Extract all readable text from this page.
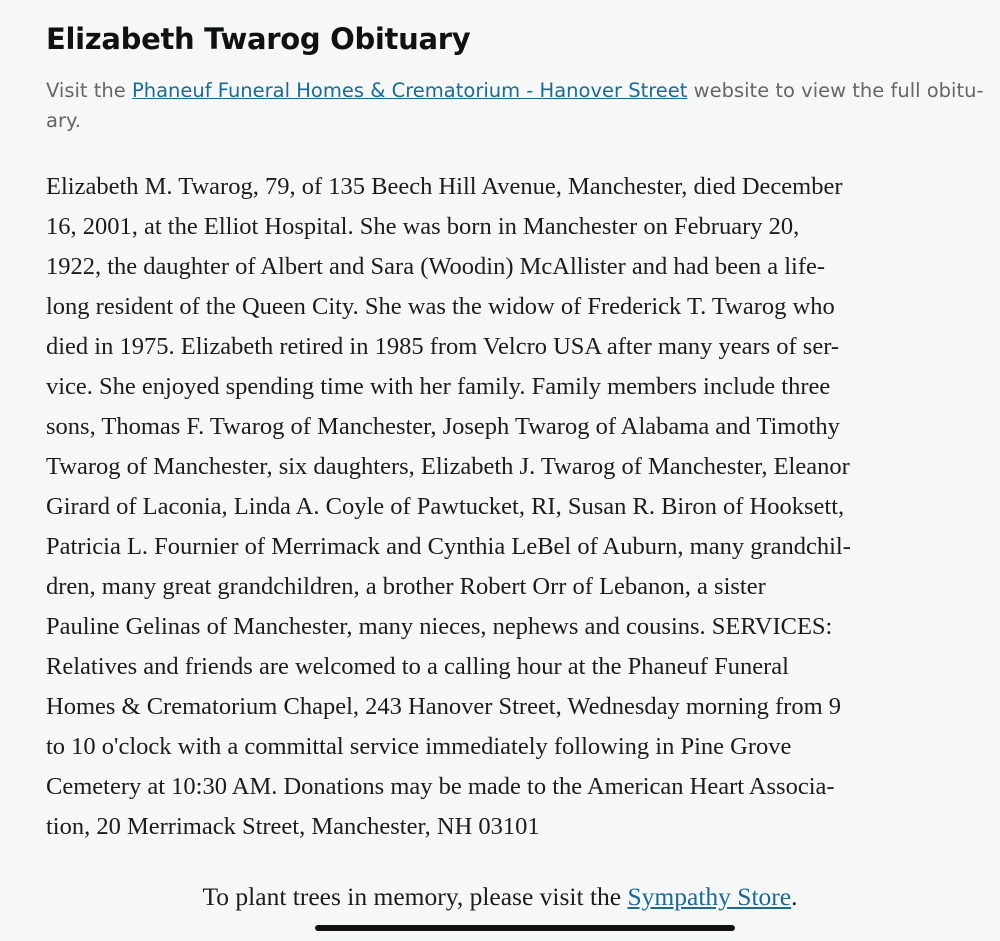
Elizabeth Twarog Obituary

Visit the Phaneuf Funeral Homes & Crematorium - Hanover Street website to view the full obitu-ary.

Elizabeth M. Twarog, 79, of 135 Beech Hill Avenue, Manchester, died December
16, 2001, at the Elliot Hospital. She was born in Manchester on February 20,
1922, the daughter of Albert and Sara (Woodin) McAllister and had been a life-
long resident of the Queen City. She was the widow of Frederick T. Twarog who
died in 1975. Elizabeth retired in 1985 from Velcro USA after many years of ser-
vice. She enjoyed spending time with her family. Family members include three
sons, Thomas F. Twarog of Manchester, Joseph Twarog of Alabama and Timothy
Twarog of Manchester, six daughters, Elizabeth J. Twarog of Manchester, Eleanor
Girard of Laconia, Linda A. Coyle of Pawtucket, RI, Susan R. Biron of Hooksett,
Patricia L. Fournier of Merrimack and Cynthia LeBel of Auburn, many grandchil-
dren, many great grandchildren, a brother Robert Orr of Lebanon, a sister
Pauline Gelinas of Manchester, many nieces, nephews and cousins. SERVICES:
Relatives and friends are welcomed to a calling hour at the Phaneuf Funeral
Homes & Crematorium Chapel, 243 Hanover Street, Wednesday morning from 9
to 10 o'clock with a committal service immediately following in Pine Grove
Cemetery at 10:30 AM. Donations may be made to the American Heart Associa-
tion, 20 Merrimack Street, Manchester, NH 03101

To plant trees in memory, please visit the Sympathy Store.
